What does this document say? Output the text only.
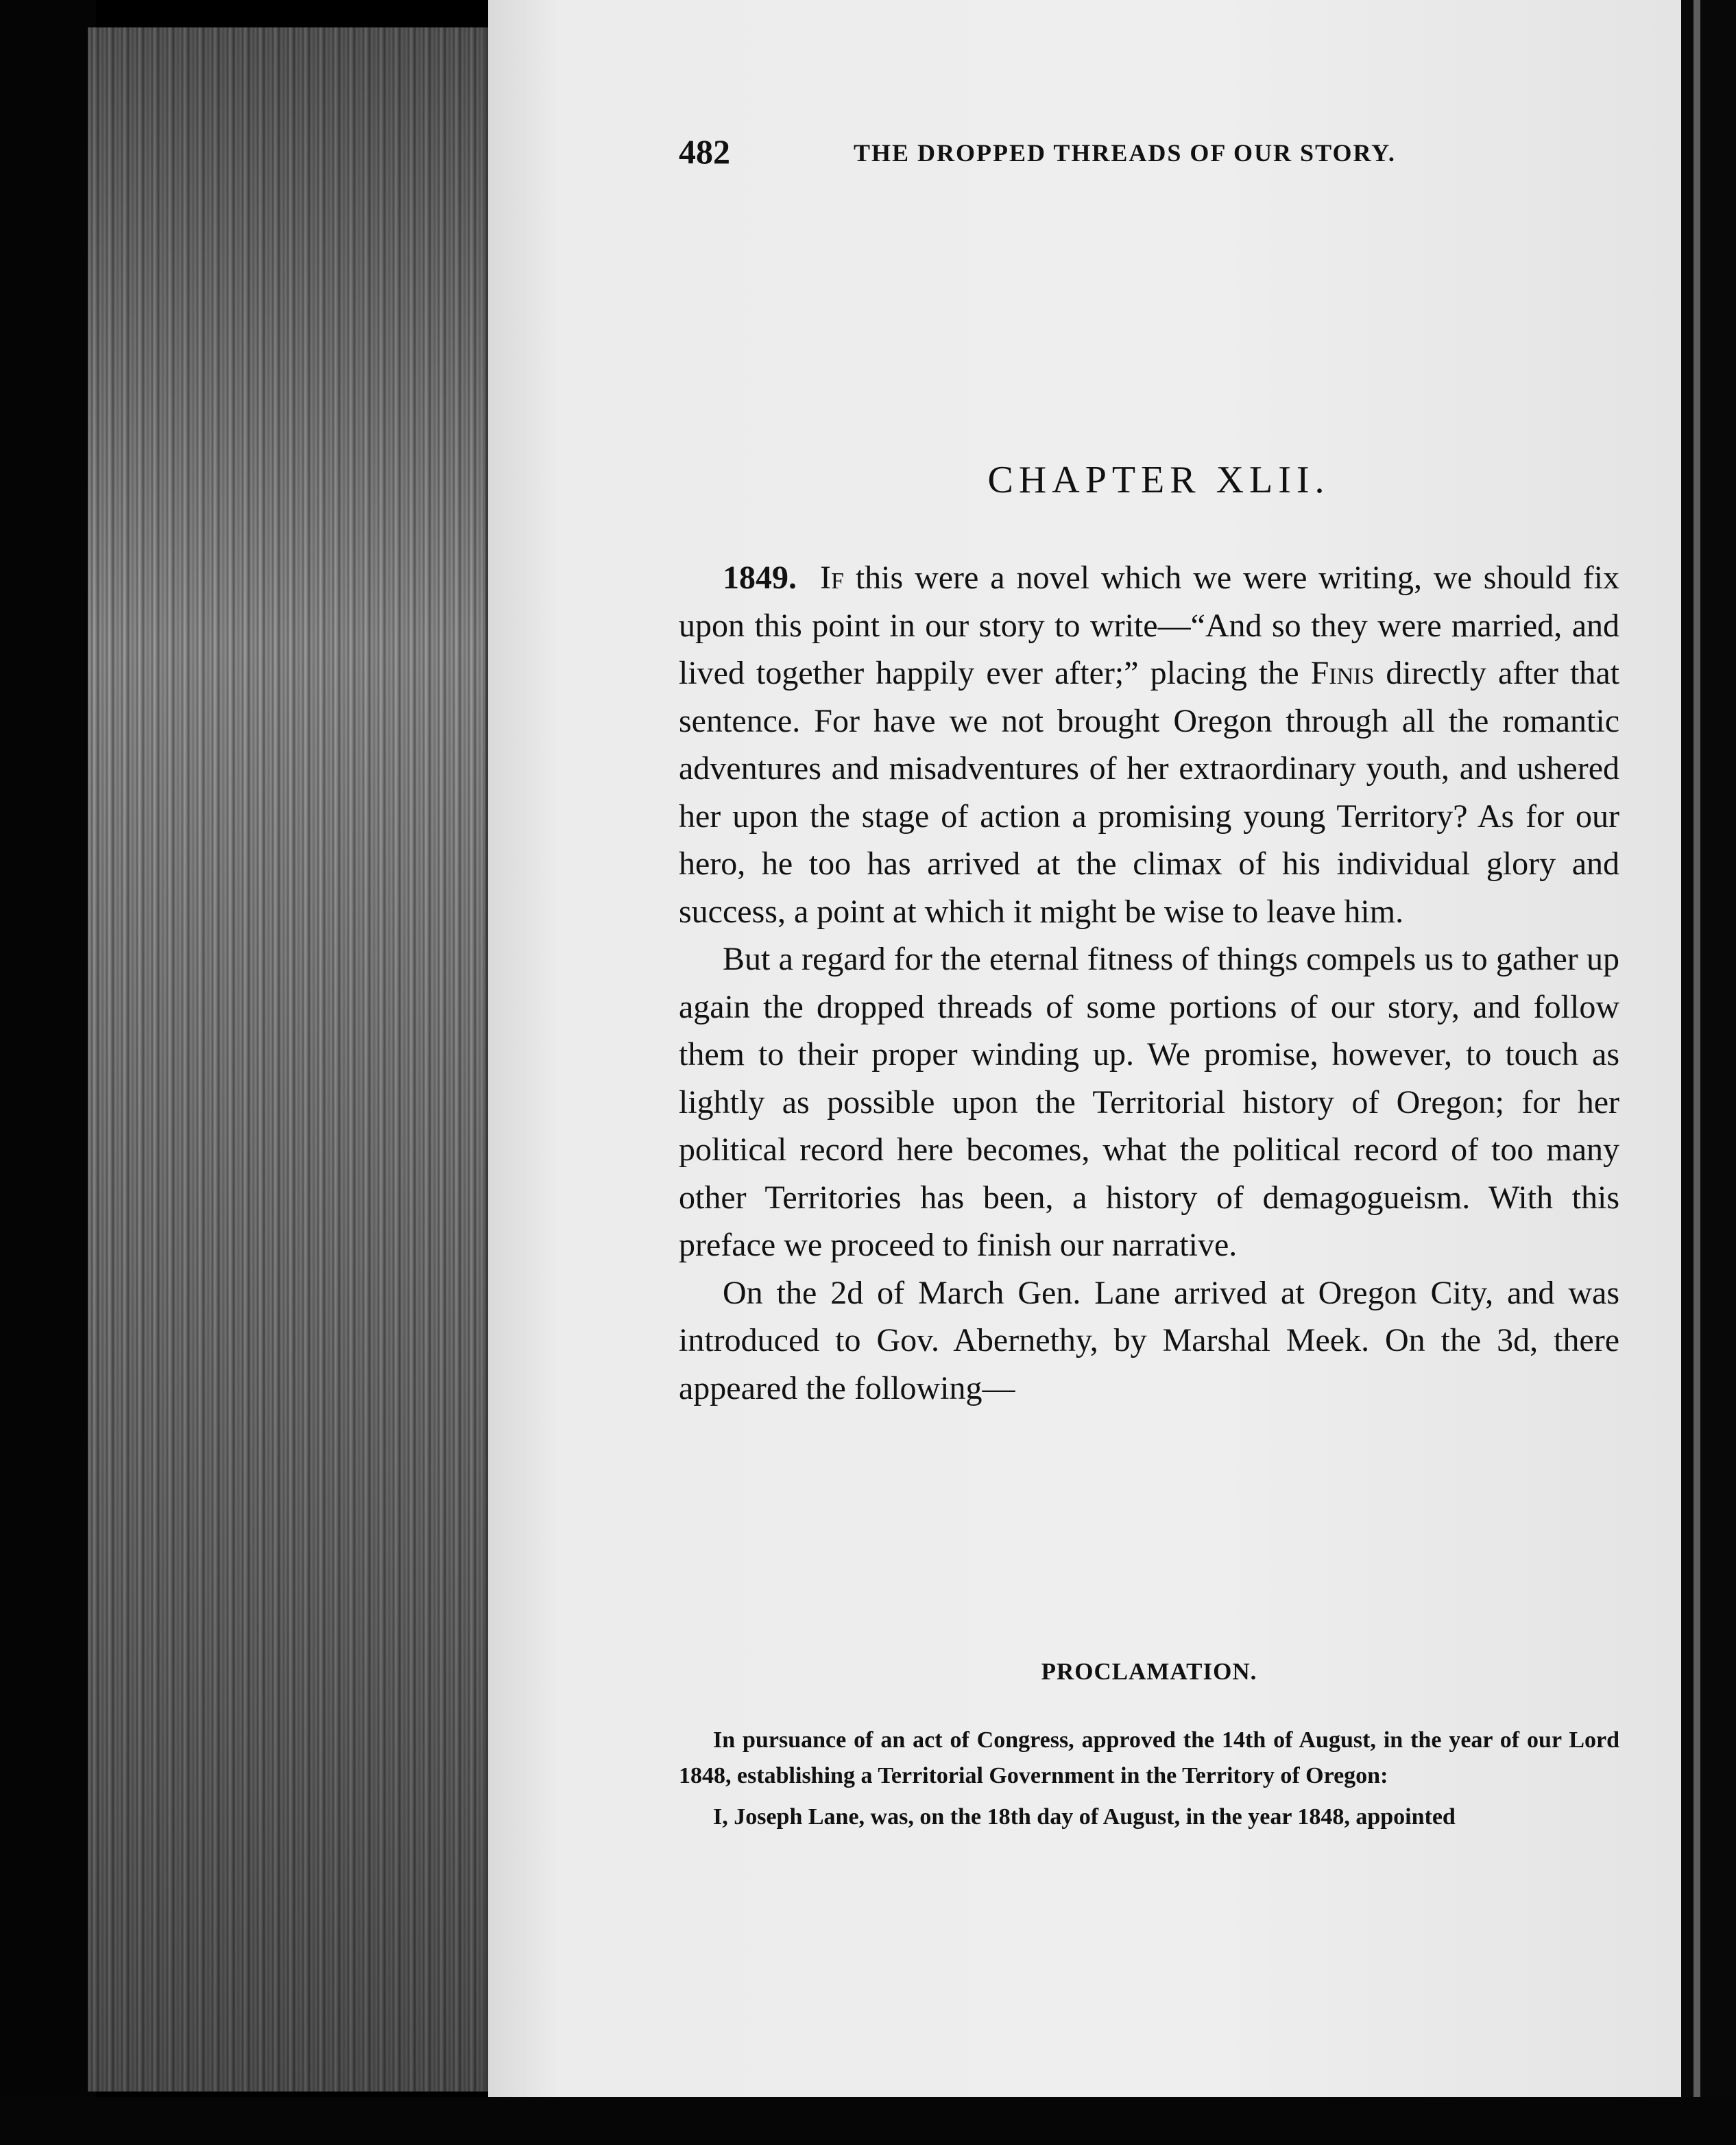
482	THE DROPPED THREADS OF OUR STORY.
CHAPTER XLII.

1849. If this were a novel which we were writing, we should fix upon this point in our story to write—“And so they were married, and lived together happily ever after;” placing the Finis directly after that sentence. For have we not brought Oregon through all the romantic adventures and misadventures of her extraordinary youth, and ushered her upon the stage of action a promising young Territory? As for our hero, he too has arrived at the climax of his individual glory and success, a point at which it might be wise to leave him.

But a regard for the eternal fitness of things compels us to gather up again the dropped threads of some portions of our story, and follow them to their proper winding up. We promise, however, to touch as lightly as possible upon the Territorial history of Oregon; for her political record here becomes, what the political record of too many other Territories has been, a history of demagogueism. With this preface we proceed to finish our narrative.

On the 2d of March Gen. Lane arrived at Oregon City, and was introduced to Gov. Abernethy, by Marshal Meek. On the 3d, there appeared the following—

PROCLAMATION.

In pursuance of an act of Congress, approved the 14th of August, in the year of our Lord 1848, establishing a Territorial Government in the Territory of Oregon:

I, Joseph Lane, was, on the 18th day of August, in the year 1848, appointed
